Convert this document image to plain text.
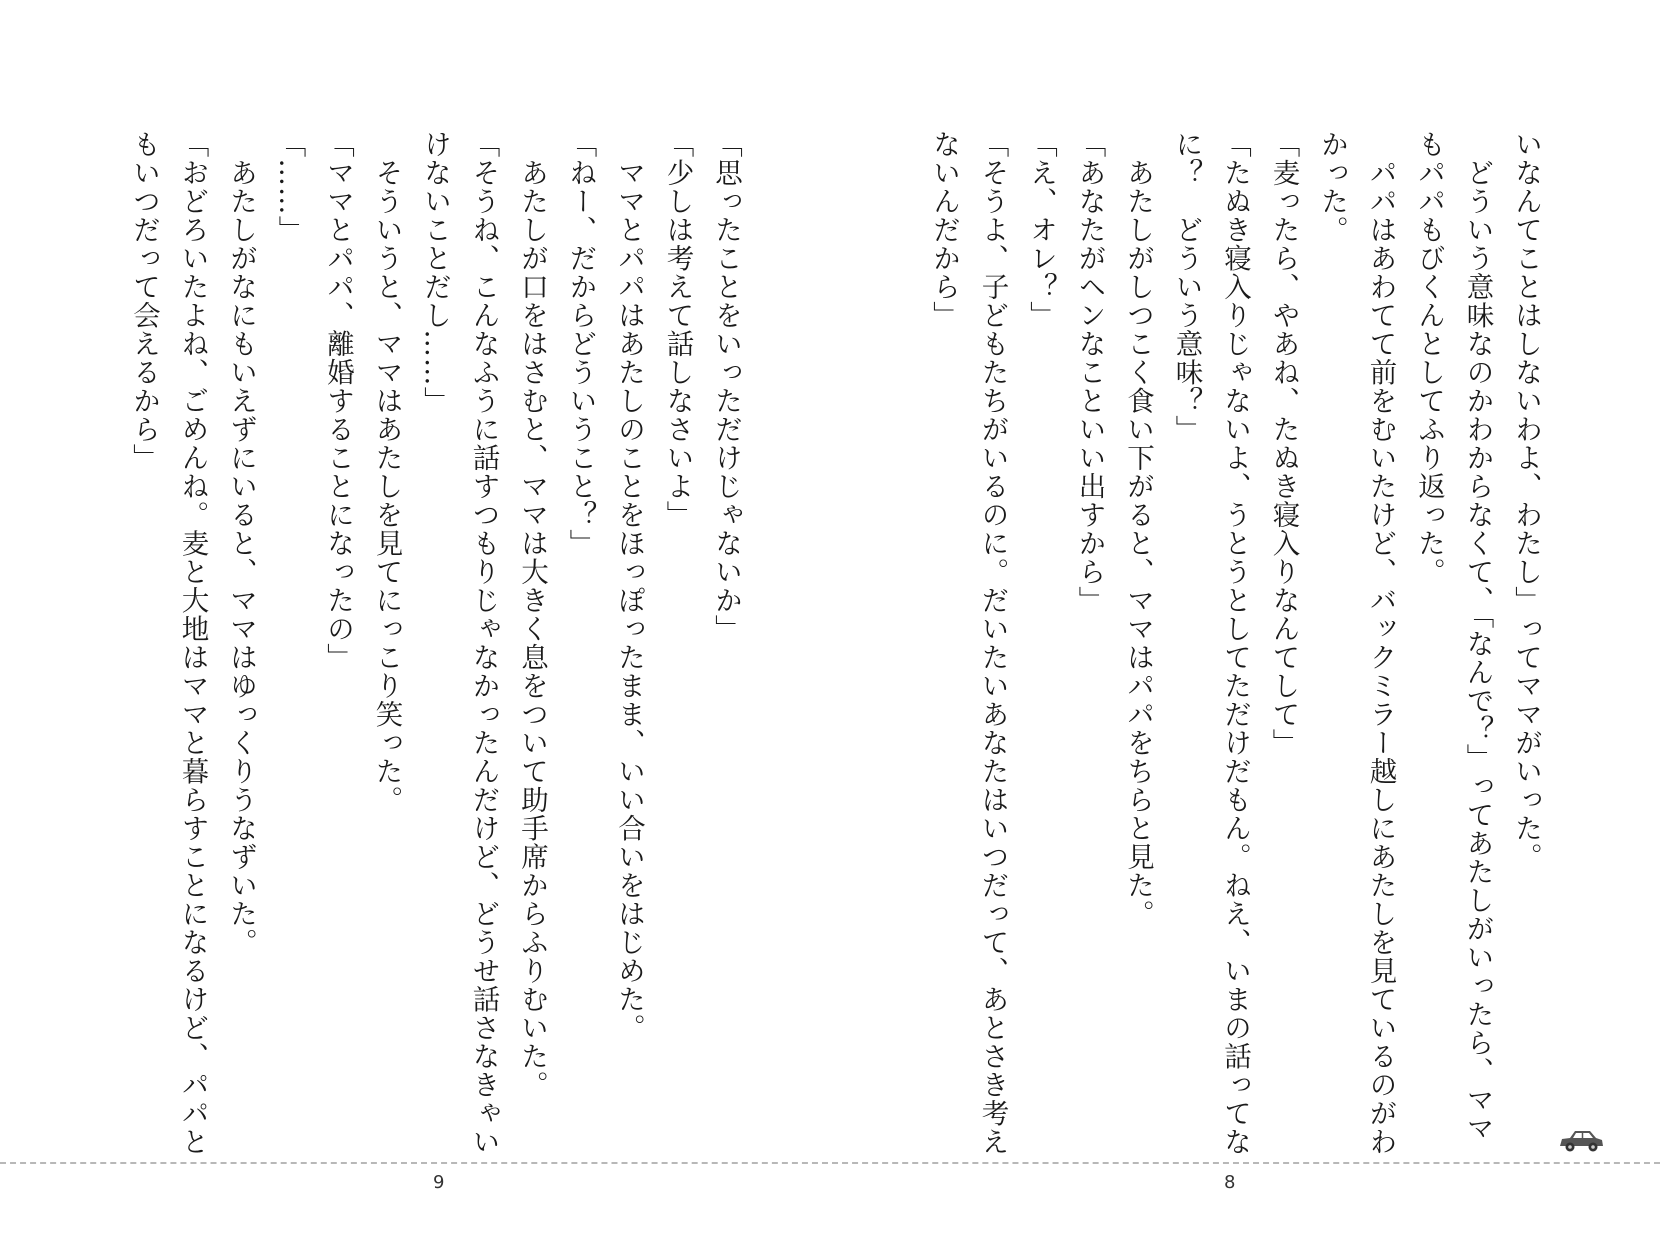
いなんてことはしないわよ、わたし」ってママがいった。
　どういう意味なのかわからなくて、「なんで？」ってあたしがいったら、ママ
もパパもびくんとしてふり返った。
　パパはあわてて前をむいたけど、バックミラー越しにあたしを見ているのがわ
かった。
「麦ったら、やあね、たぬき寝入りなんてして」
「たぬき寝入りじゃないよ、うとうとしてただけだもん。ねえ、いまの話ってな
に？　どういう意味？」
　あたしがしつこく食い下がると、ママはパパをちらと見た。
「あなたがヘンなこといい出すから」
「え、オレ？」
「そうよ、子どもたちがいるのに。だいたいあなたはいつだって、あとさき考え
ないんだから」
「思ったことをいっただけじゃないか」
「少しは考えて話しなさいよ」
　ママとパパはあたしのことをほっぽったまま、いい合いをはじめた。
「ねー、だからどういうこと？」
　あたしが口をはさむと、ママは大きく息をついて助手席からふりむいた。
「そうね、こんなふうに話すつもりじゃなかったんだけど、どうせ話さなきゃい
けないことだし……」
　そういうと、ママはあたしを見てにっこり笑った。
「ママとパパ、離婚することになったの」
「……」
　あたしがなにもいえずにいると、ママはゆっくりうなずいた。
「おどろいたよね、ごめんね。麦と大地はママと暮らすことになるけど、パパと
もいつだって会えるから」
9	8
